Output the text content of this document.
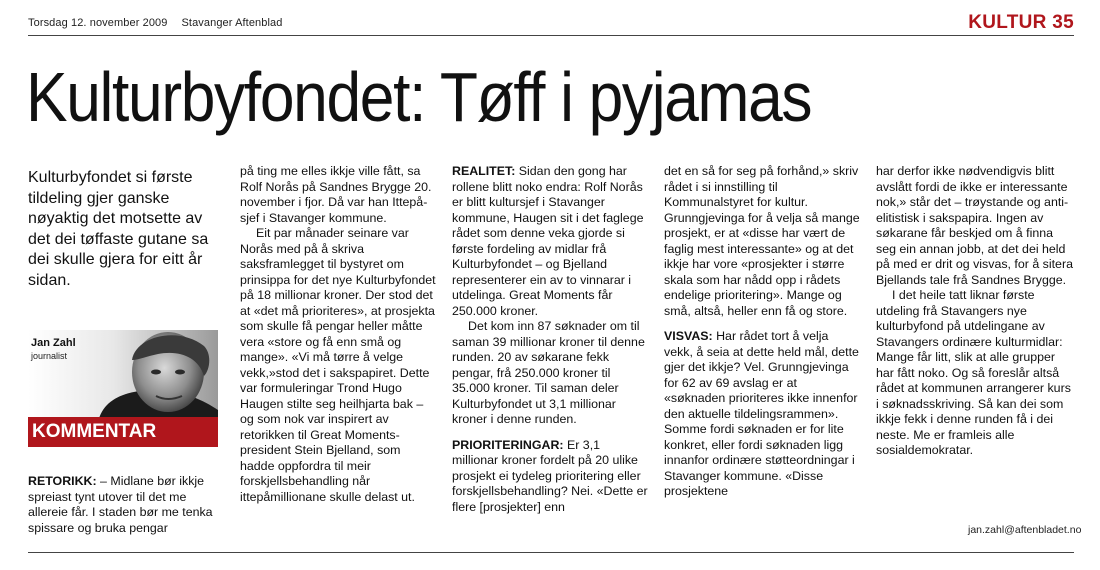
Torsdag 12. november 2009 Stavanger Aftenblad	KULTUR 35
Kulturbyfondet: Tøff i pyjamas
Kulturbyfondet si første tildeling gjer ganske nøyaktig det motsette av det dei tøffaste gutane sa dei skulle gjera for eitt år sidan.
Jan Zahl
journalist
KOMMENTAR
RETORIKK: – Midlane bør ikkje spreiast tynt utover til det me allereie får. I staden bør me tenka spissare og bruka pengar

på ting me elles ikkje ville fått, sa Rolf Norås på Sandnes Brygge 20. november i fjor. Då var han Ittepå-sjef i Stavanger kommune.

Eit par månader seinare var Norås med på å skriva saksframlegget til bystyret om prinsippa for det nye Kulturbyfondet på 18 millionar kroner. Der stod det at «det må prioriteres», at prosjekta som skulle få pengar heller måtte vera «store og få enn små og mange». «Vi må tørre å velge vekk,»stod det i sakspapiret. Dette var formuleringar Trond Hugo Haugen stilte seg heilhjarta bak – og som nok var inspirert av retorikken til Great Moments-president Stein Bjelland, som hadde oppfordra til meir forskjellsbehandling når ittepåmillionane skulle delast ut.

REALITET: Sidan den gong har rollene blitt noko endra: Rolf Norås er blitt kultursjef i Stavanger kommune, Haugen sit i det faglege rådet som denne veka gjorde si første fordeling av midlar frå Kulturbyfondet – og Bjelland representerer ein av to vinnarar i utdelinga. Great Moments får 250.000 kroner.

Det kom inn 87 søknader om til saman 39 millionar kroner til denne runden. 20 av søkarane fekk pengar, frå 250.000 kroner til 35.000 kroner. Til saman deler Kulturbyfondet ut 3,1 millionar kroner i denne runden.

PRIORITERINGAR: Er 3,1 millionar kroner fordelt på 20 ulike prosjekt ei tydeleg prioritering eller forskjellsbehandling? Nei. «Dette er flere [prosjekter] enn

det en så for seg på forhånd,» skriv rådet i si innstilling til Kommunalstyret for kultur. Grunngjevinga for å velja så mange prosjekt, er at «disse har vært de faglig mest interessante» og at det ikkje har vore «prosjekter i større skala som har nådd opp i rådets endelige prioritering». Mange og små, altså, heller enn få og store.

VISVAS: Har rådet tort å velja vekk, å seia at dette held mål, dette gjer det ikkje? Vel. Grunngjevinga for 62 av 69 avslag er at «søknaden prioriteres ikke innenfor den aktuelle tildelingsrammen». Somme fordi søknaden er for lite konkret, eller fordi søknaden ligg innanfor ordinære støtteordningar i Stavanger kommune. «Disse prosjektene

har derfor ikke nødvendigvis blitt avslått fordi de ikke er interessante nok,» står det – trøystande og anti-elitistisk i sakspapira. Ingen av søkarane får beskjed om å finna seg ein annan jobb, at det dei held på med er drit og visvas, for å sitera Bjellands tale frå Sandnes Brygge.

I det heile tatt liknar første utdeling frå Stavangers nye kulturbyfond på utdelingane av Stavangers ordinære kulturmidlar: Mange får litt, slik at alle grupper har fått noko. Og så foreslår altså rådet at kommunen arrangerer kurs i søknadsskriving. Så kan dei som ikkje fekk i denne runden få i dei neste. Me er framleis alle sosialdemokratar.

jan.zahl@aftenbladet.no
